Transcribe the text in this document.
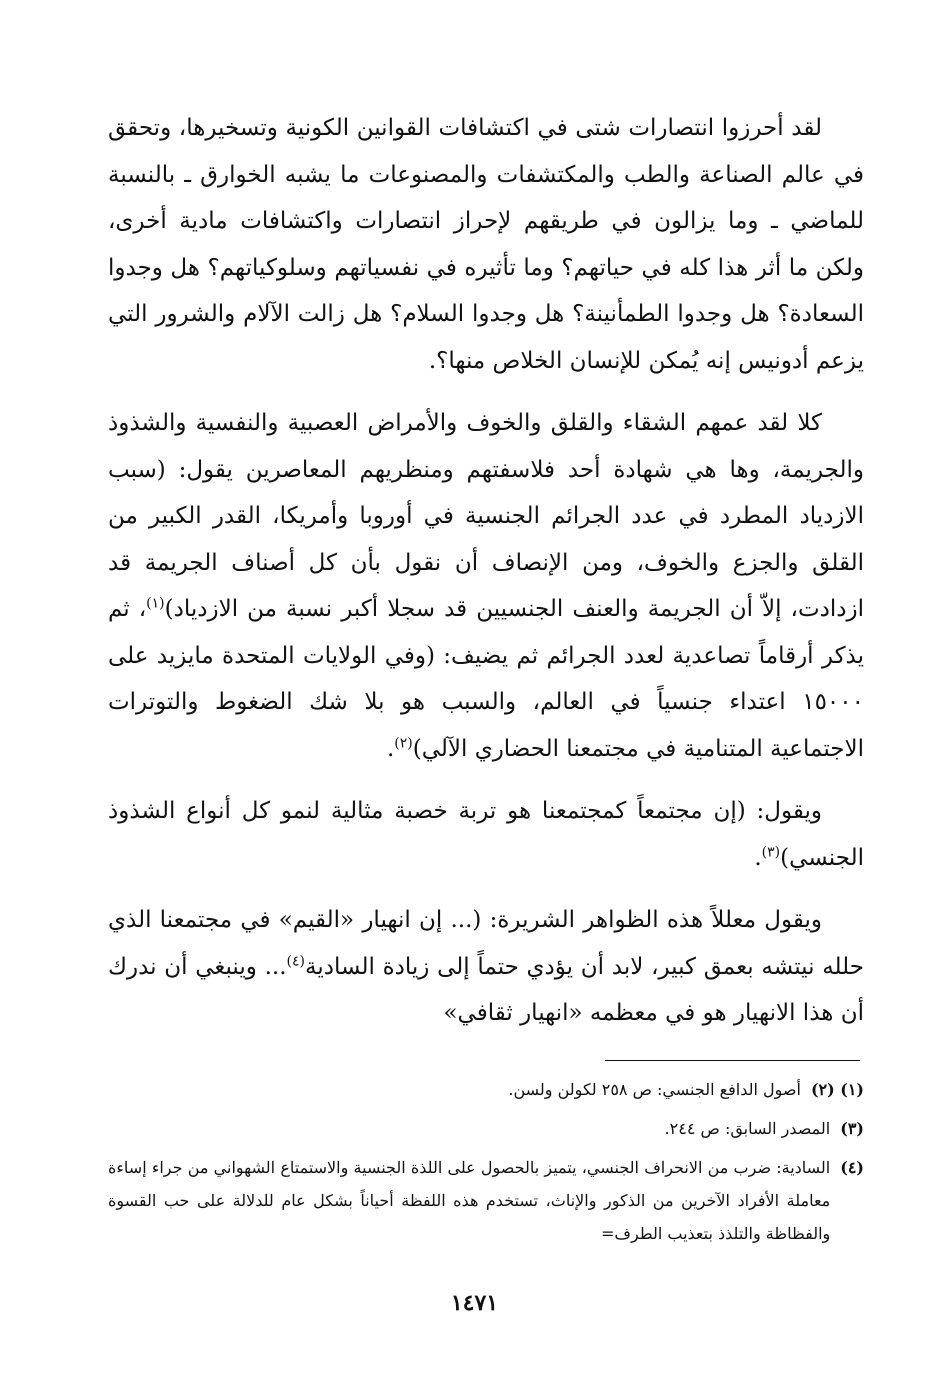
لقد أحرزوا انتصارات شتى في اكتشافات القوانين الكونية وتسخيرها، وتحقق في عالم الصناعة والطب والمكتشفات والمصنوعات ما يشبه الخوارق ـ بالنسبة للماضي ـ وما يزالون في طريقهم لإحراز انتصارات واكتشافات مادية أخرى، ولكن ما أثر هذا كله في حياتهم؟ وما تأثيره في نفسياتهم وسلوكياتهم؟ هل وجدوا السعادة؟ هل وجدوا الطمأنينة؟ هل وجدوا السلام؟ هل زالت الآلام والشرور التي يزعم أدونيس إنه يُمكن للإنسان الخلاص منها؟.

كلا لقد عمهم الشقاء والقلق والخوف والأمراض العصبية والنفسية والشذوذ والجريمة، وها هي شهادة أحد فلاسفتهم ومنظريهم المعاصرين يقول: (سبب الازدياد المطرد في عدد الجرائم الجنسية في أوروبا وأمريكا، القدر الكبير من القلق والجزع والخوف، ومن الإنصاف أن نقول بأن كل أصناف الجريمة قد ازدادت، إلاّ أن الجريمة والعنف الجنسيين قد سجلا أكبر نسبة من الازدياد)$^{(١)}$، ثم يذكر أرقاماً تصاعدية لعدد الجرائم ثم يضيف: (وفي الولايات المتحدة مايزيد على ١٥٠٠٠ اعتداء جنسياً في العالم، والسبب هو بلا شك الضغوط والتوترات الاجتماعية المتنامية في مجتمعنا الحضاري الآلي)$^{(٢)}$.

ويقول: (إن مجتمعاً كمجتمعنا هو تربة خصبة مثالية لنمو كل أنواع الشذوذ الجنسي)$^{(٣)}$.

ويقول معللاً هذه الظواهر الشريرة: (... إن انهيار «القيم» في مجتمعنا الذي حلله نيتشه بعمق كبير، لابد أن يؤدي حتماً إلى زيادة السادية$^{(٤)}$... وينبغي أن ندرك أن هذا الانهيار هو في معظمه «انهيار ثقافي»

(١) (٢)
أصول الدافع الجنسي: ص ٢٥٨ لكولن ولسن.
(٣)
المصدر السابق: ص ٢٤٤.
(٤)
السادية: ضرب من الانحراف الجنسي، يتميز بالحصول على اللذة الجنسية والاستمتاع الشهواني من جراء إساءة معاملة الأفراد الآخرين من الذكور والإناث، تستخدم هذه اللفظة أحياناً بشكل عام للدلالة على حب القسوة والفظاظة والتلذذ بتعذيب الطرف=
١٤٧١
